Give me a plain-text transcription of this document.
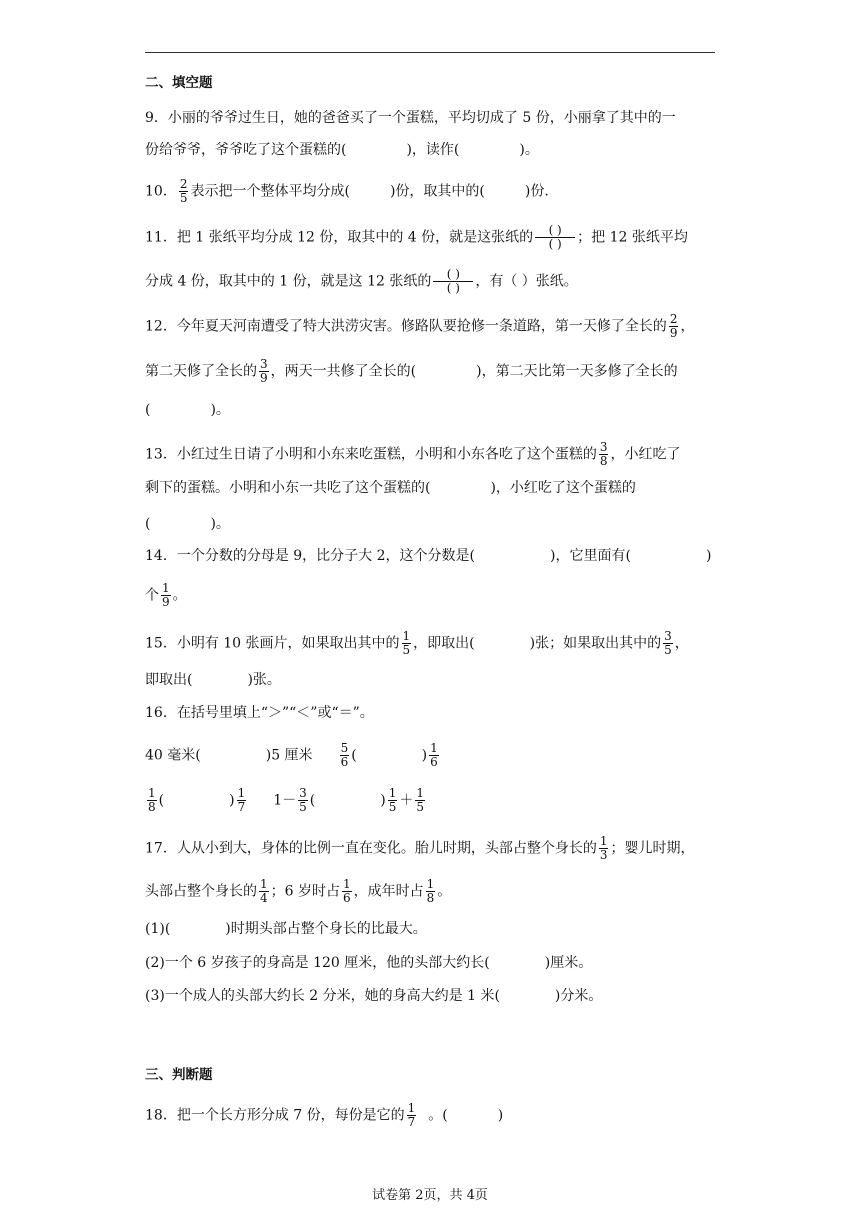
二、填空题
9．小丽的爷爷过生日，她的爸爸买了一个蛋糕，平均切成了 5 份，小丽拿了其中的一
份给爷爷，爷爷吃了这个蛋糕的(	)，读作(	)。
10． $\frac{2}{5}$ 表示把一个整体平均分成(	)份，取其中的(	)份.
11．把 1 张纸平均分成 12 份，取其中的 4 份，就是这张纸的 $\frac{( )}{( )}$ ；把 12 张纸平均
分成 4 份，取其中的 1 份，就是这 12 张纸的 $\frac{( )}{( )}$ ，有（ ）张纸。
12．今年夏天河南遭受了特大洪涝灾害。修路队要抢修一条道路，第一天修了全长的 $\frac{2}{9}$ ，
第二天修了全长的 $\frac{3}{9}$ ，两天一共修了全长的(	)，第二天比第一天多修了全长的
(	)。
13．小红过生日请了小明和小东来吃蛋糕，小明和小东各吃了这个蛋糕的 $\frac{3}{8}$ ，小红吃了
剩下的蛋糕。小明和小东一共吃了这个蛋糕的(	)，小红吃了这个蛋糕的
(	)。
14．一个分数的分母是 9，比分子大 2，这个分数是(	)，它里面有(	)
个 $\frac{1}{9}$ 。
15．小明有 10 张画片，如果取出其中的 $\frac{1}{5}$ ，即取出(	)张；如果取出其中的 $\frac{3}{5}$ ，
即取出(	)张。
16．在括号里填上“＞”“＜”或“＝”。
40 毫米(	)5 厘米 $\frac{5}{6}$ (	) $\frac{1}{6}$
$\frac{1}{8}$ (	) $\frac{1}{7} 1- \frac{3}{5}$ (	) $\frac{1}{5} + \frac{1}{5}$
17．人从小到大，身体的比例一直在变化。胎儿时期，头部占整个身长的 $\frac{1}{3}$ ；婴儿时期，
头部占整个身长的 $\frac{1}{4}$ ；6 岁时占 $\frac{1}{6}$ ，成年时占 $\frac{1}{8}$ 。
(1)(	)时期头部占整个身长的比最大。
(2)一个 6 岁孩子的身高是 120 厘米，他的头部大约长(	)厘米。
(3)一个成人的头部大约长 2 分米，她的身高大约是 1 米(	)分米。
三、判断题
18．把一个长方形分成 7 份，每份是它的 $\frac{1}{7}$ 。(	)
试卷第 2页，共 4页
